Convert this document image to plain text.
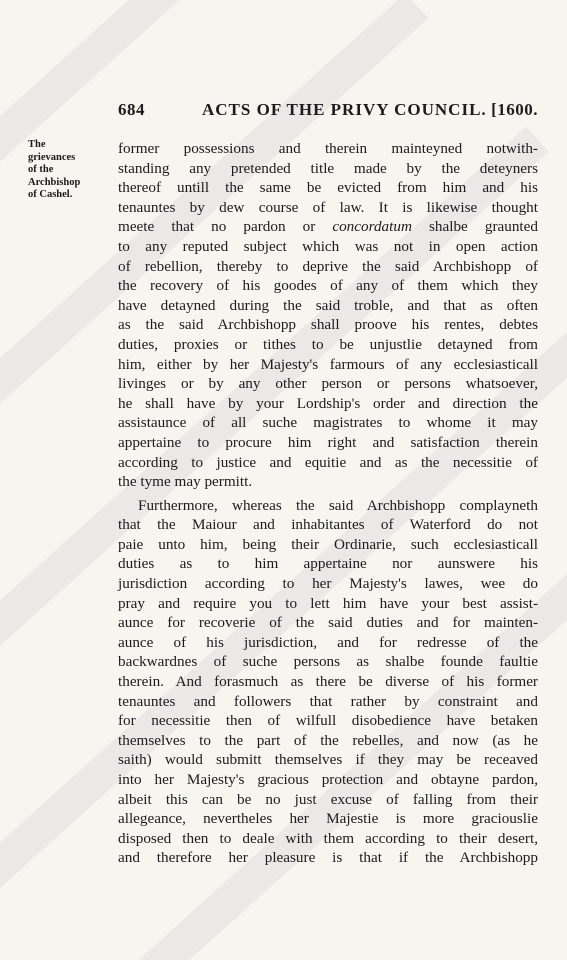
684	ACTS OF THE PRIVY COUNCIL. [1600.
The
grievances
of the
Archbishop
of Cashel.
former possessions and therein mainteyned notwith-
standing any pretended title made by the deteyners
thereof untill the same be evicted from him and his
tenauntes by dew course of law. It is likewise thought
meete that no pardon or concordatum shalbe graunted
to any reputed subject which was not in open action
of rebellion, thereby to deprive the said Archbishopp of
the recovery of his goodes of any of them which they
have detayned during the said troble, and that as often
as the said Archbishopp shall proove his rentes, debtes
duties, proxies or tithes to be unjustlie detayned from
him, either by her Majesty's farmours of any ecclesiasticall
livinges or by any other person or persons whatsoever,
he shall have by your Lordship's order and direction the
assistaunce of all suche magistrates to whome it may
appertaine to procure him right and satisfaction therein
according to justice and equitie and as the necessitie of
the tyme may permitt.
Furthermore, whereas the said Archbishopp complayneth
that the Maiour and inhabitantes of Waterford do not
paie unto him, being their Ordinarie, such ecclesiasticall
duties as to him appertaine nor aunswere his
jurisdiction according to her Majesty's lawes, wee do
pray and require you to lett him have your best assist-
aunce for recoverie of the said duties and for mainten-
aunce of his jurisdiction, and for redresse of the
backwardnes of suche persons as shalbe founde faultie
therein. And forasmuch as there be diverse of his former
tenauntes and followers that rather by constraint and
for necessitie then of wilfull disobedience have betaken
themselves to the part of the rebelles, and now (as he
saith) would submitt themselves if they may be receaved
into her Majesty's gracious protection and obtayne pardon,
albeit this can be no just excuse of falling from their
allegeance, nevertheles her Majestie is more graciouslie
disposed then to deale with them according to their desert,
and therefore her pleasure is that if the Archbishopp
